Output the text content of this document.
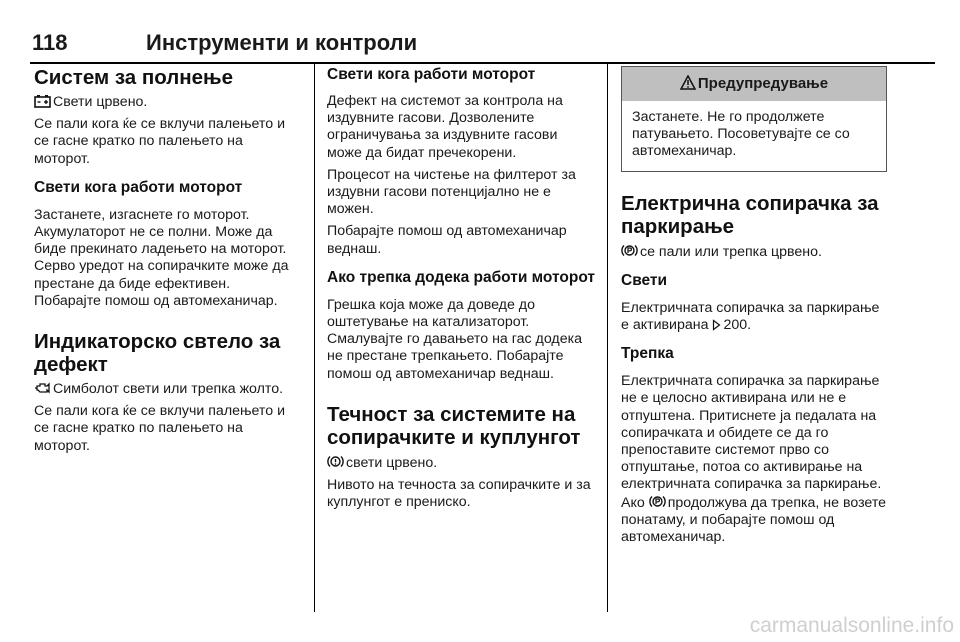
118	Инструменти и контроли
Систем за полнење

Свети црвено.

Се пали кога ќе се вклучи палењето и се гасне кратко по палењето на моторот.

Свети кога работи моторот

Застанете, изгаснете го моторот. Акумулаторот не се полни. Може да биде прекинато ладењето на моторот. Серво уредот на сопирачките може да престане да биде ефективен. Побарајте помош од автомеханичар.

Индикаторско свтело за дефект

Симболот свети или трепка жолто.

Се пали кога ќе се вклучи палењето и се гасне кратко по палењето на моторот.

Свети кога работи моторот

Дефект на системот за контрола на издувните гасови. Дозволените ограничувања за издувните гасови може да бидат пречекорени.

Процесот на чистење на филтерот за издувни гасови потенцијално не е можен.

Побарајте помош од автомеханичар веднаш.

Ако трепка додека работи моторот

Грешка која може да доведе до оштетување на катализаторот. Смалувајте го давањето на гас додека не престане трепкањето. Побарајте помош од автомеханичар веднаш.

Течност за системите на сопирачките и куплунгот

свети црвено.

Нивото на течноста за сопирачките и за куплунгот е прениско.

Предупредување

Застанете. Не го продолжете патувањето. Посоветувајте се со автомеханичар.

Електрична сопирачка за паркирање

се пали или трепка црвено.

Свети

Електричната сопирачка за паркирање е активирана 200.

Трепка

Електричната сопирачка за паркирање не е целосно активирана или не е отпуштена. Притиснете ја педалата на сопирачката и обидете се да го препоставите системот прво со отпуштање, потоа со активирање на електричната сопирачка за паркирање. Ако продолжува да трепка, не возете понатаму, и побарајте помош од автомеханичар.

carmanualsonline.info
